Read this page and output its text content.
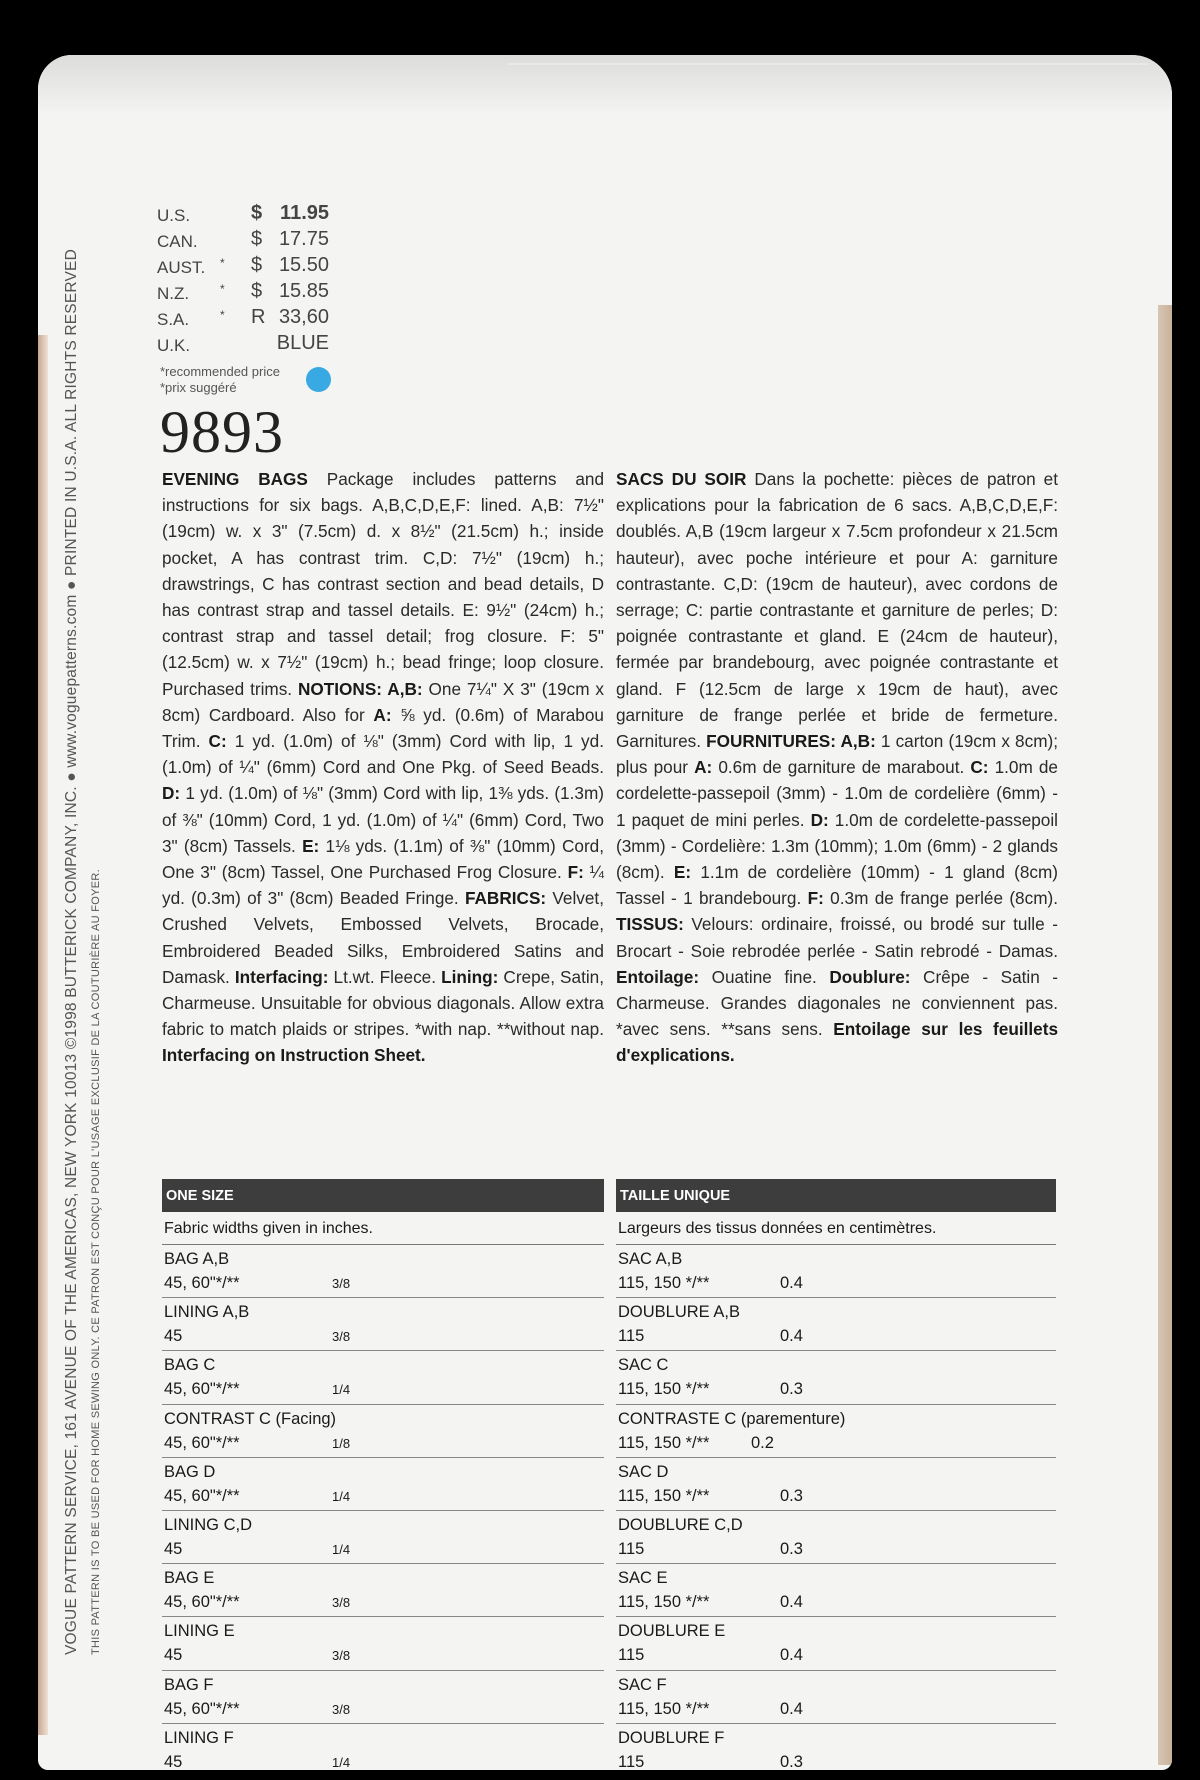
VOGUE PATTERN SERVICE, 161 AVENUE OF THE AMERICAS, NEW YORK 10013 ©1998 BUTTERICK COMPANY, INC. ● www.voguepatterns.com ● PRINTED IN U.S.A. ALL RIGHTS RESERVED THIS PATTERN IS TO BE USED FOR HOME SEWING ONLY. CE PATRON EST CONÇU POUR L'USAGE EXCLUSIF DE LA COUTURIÈRE AU FOYER.
U.S.	$ 11.95
CAN.	$ 17.75
AUST. * $ 15.50
N.Z.	* $ 15.85
S.A.	* R 33,60
U.K.	BLUE
*recommended price
*prix suggéré
9893
EVENING BAGS Package includes patterns and instructions for six bags. A,B,C,D,E,F: lined. A,B: 7½" (19cm) w. x 3" (7.5cm) d. x 8½" (21.5cm) h.; inside pocket, A has contrast trim. C,D: 7½" (19cm) h.; drawstrings, C has contrast section and bead details, D has contrast strap and tassel details. E: 9½" (24cm) h.; contrast strap and tassel detail; frog closure. F: 5" (12.5cm) w. x 7½" (19cm) h.; bead fringe; loop closure. Purchased trims. NOTIONS: A,B: One 7¼" X 3" (19cm x 8cm) Cardboard. Also for A: ⅝ yd. (0.6m) of Marabou Trim. C: 1 yd. (1.0m) of ⅛" (3mm) Cord with lip, 1 yd. (1.0m) of ¼" (6mm) Cord and One Pkg. of Seed Beads. D: 1 yd. (1.0m) of ⅛" (3mm) Cord with lip, 1⅜ yds. (1.3m) of ⅜" (10mm) Cord, 1 yd. (1.0m) of ¼" (6mm) Cord, Two 3" (8cm) Tassels. E: 1⅛ yds. (1.1m) of ⅜" (10mm) Cord, One 3" (8cm) Tassel, One Purchased Frog Closure. F: ¼ yd. (0.3m) of 3" (8cm) Beaded Fringe. FABRICS: Velvet, Crushed Velvets, Embossed Velvets, Brocade, Embroidered Beaded Silks, Embroidered Satins and Damask. Interfacing: Lt.wt. Fleece. Lining: Crepe, Satin, Charmeuse. Unsuitable for obvious diagonals. Allow extra fabric to match plaids or stripes. *with nap. **without nap. Interfacing on Instruction Sheet.
SACS DU SOIR Dans la pochette: pièces de patron et explications pour la fabrication de 6 sacs. A,B,C,D,E,F: doublés. A,B (19cm largeur x 7.5cm profondeur x 21.5cm hauteur), avec poche intérieure et pour A: garniture contrastante. C,D: (19cm de hauteur), avec cordons de serrage; C: partie contrastante et garniture de perles; D: poignée contrastante et gland. E (24cm de hauteur), fermée par brandebourg, avec poignée contrastante et gland. F (12.5cm de large x 19cm de haut), avec garniture de frange perlée et bride de fermeture. Garnitures. FOURNITURES: A,B: 1 carton (19cm x 8cm); plus pour A: 0.6m de garniture de marabout. C: 1.0m de cordelette-passepoil (3mm) - 1.0m de cordelière (6mm) - 1 paquet de mini perles. D: 1.0m de cordelette-passepoil (3mm) - Cordelière: 1.3m (10mm); 1.0m (6mm) - 2 glands (8cm). E: 1.1m de cordelière (10mm) - 1 gland (8cm) Tassel - 1 brandebourg. F: 0.3m de frange perlée (8cm). TISSUS: Velours: ordinaire, froissé, ou brodé sur tulle - Brocart - Soie rebrodée perlée - Satin rebrodé - Damas. Entoilage: Ouatine fine. Doublure: Crêpe - Satin - Charmeuse. Grandes diagonales ne conviennent pas. *avec sens. **sans sens. Entoilage sur les feuillets d'explications.
ONE SIZE
Fabric widths given in inches.
BAG A,B
45, 60"*/**	3/8
LINING A,B
45	3/8
BAG C
45, 60"*/**	1/4
CONTRAST C (Facing)
45, 60"*/**	1/8
BAG D
45, 60"*/**	1/4
LINING C,D
45	1/4
BAG E
45, 60"*/**	3/8
LINING E
45	3/8
BAG F
45, 60"*/**	3/8
LINING F
45	1/4
TAILLE UNIQUE
Largeurs des tissus données en centimètres.
SAC A,B
115, 150 */**	0.4
DOUBLURE A,B
115	0.4
SAC C
115, 150 */**	0.3
CONTRASTE C (parementure)
115, 150 */**	0.2
SAC D
115, 150 */**	0.3
DOUBLURE C,D
115	0.3
SAC E
115, 150 */**	0.4
DOUBLURE E
115	0.4
SAC F
115, 150 */**	0.4
DOUBLURE F
115	0.3
